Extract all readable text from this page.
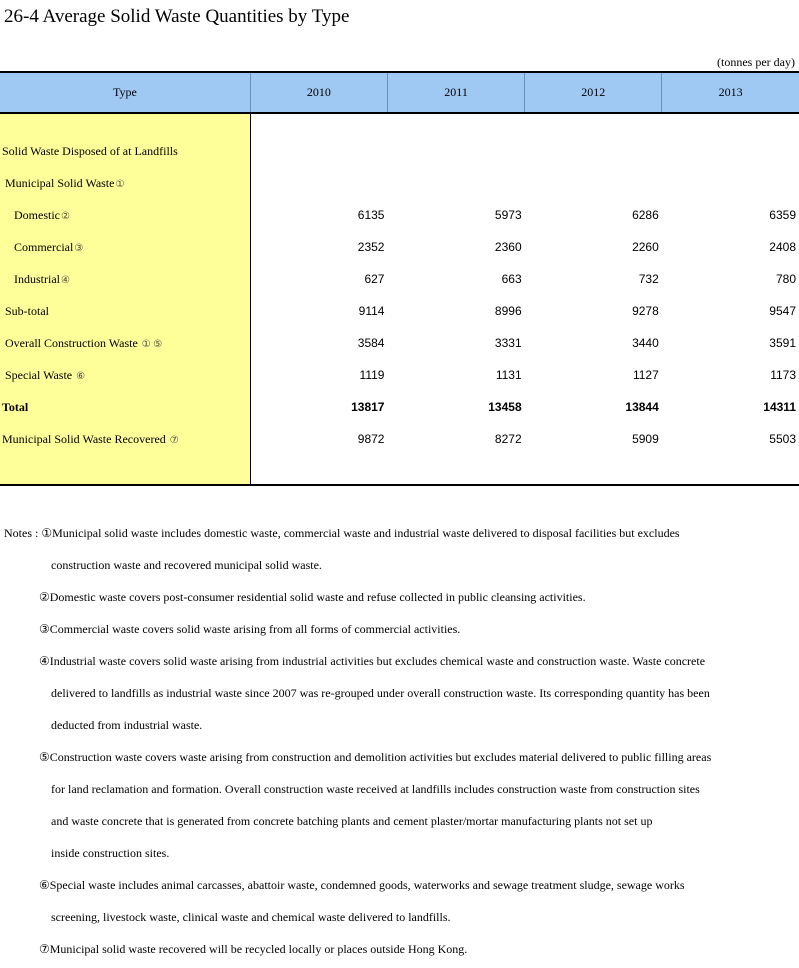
26-4 Average Solid Waste Quantities by Type
(tonnes per day)
Type	2010	2011	2012	2013

Solid Waste Disposed of at Landfills				
Municipal Solid Waste①				
Domestic②	6135	5973	6286	6359
Commercial③	2352	2360	2260	2408
Industrial④	627	663	732	780
Sub-total	9114	8996	9278	9547
Overall Construction Waste ① ⑤	3584	3331	3440	3591
Special Waste ⑥	1119	1131	1127	1173
Total	13817	13458	13844	14311
Municipal Solid Waste Recovered ⑦	9872	8272	5909	5503

Notes : ①Municipal solid waste includes domestic waste, commercial waste and industrial waste delivered to disposal facilities but excludes
construction waste and recovered municipal solid waste.
②Domestic waste covers post-consumer residential solid waste and refuse collected in public cleansing activities.
③Commercial waste covers solid waste arising from all forms of commercial activities.
④Industrial waste covers solid waste arising from industrial activities but excludes chemical waste and construction waste. Waste concrete
delivered to landfills as industrial waste since 2007 was re-grouped under overall construction waste. Its corresponding quantity has been
deducted from industrial waste.
⑤Construction waste covers waste arising from construction and demolition activities but excludes material delivered to public filling areas
for land reclamation and formation. Overall construction waste received at landfills includes construction waste from construction sites
and waste concrete that is generated from concrete batching plants and cement plaster/mortar manufacturing plants not set up
inside construction sites.
⑥Special waste includes animal carcasses, abattoir waste, condemned goods, waterworks and sewage treatment sludge, sewage works
screening, livestock waste, clinical waste and chemical waste delivered to landfills.
⑦Municipal solid waste recovered will be recycled locally or places outside Hong Kong.
